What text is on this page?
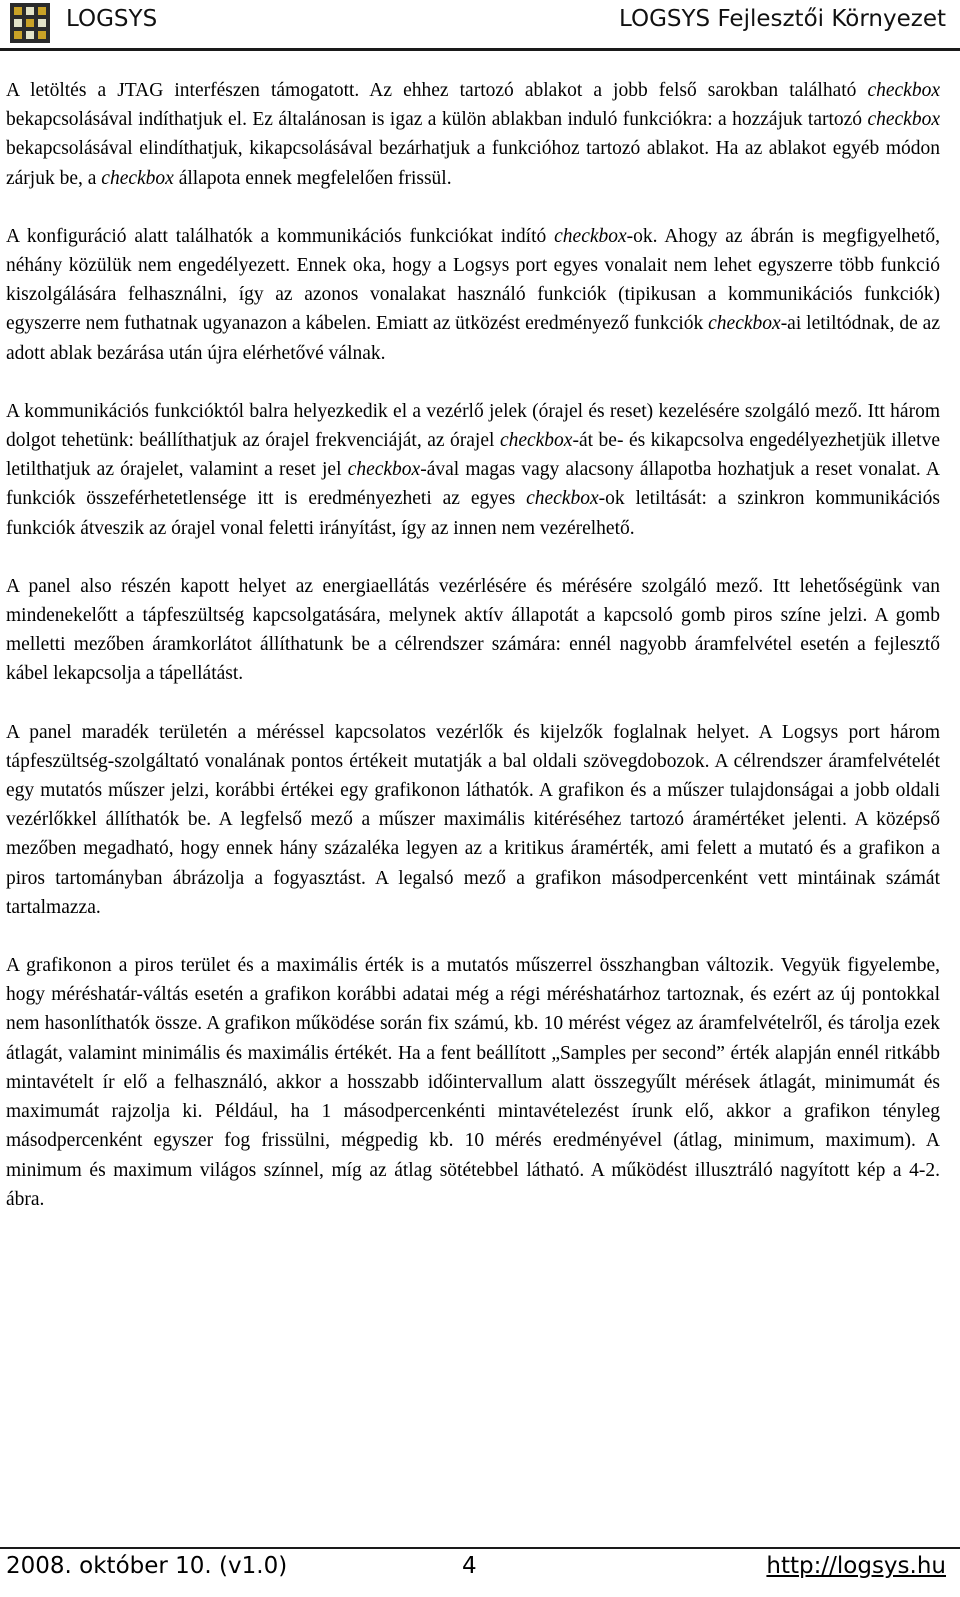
LOGSYS	LOGSYS Fejlesztői Környezet

A letöltés a JTAG interfészen támogatott. Az ehhez tartozó ablakot a jobb felső sarokban található checkbox bekapcsolásával indíthatjuk el. Ez általánosan is igaz a külön ablakban induló funkciókra: a hozzájuk tartozó checkbox bekapcsolásával elindíthatjuk, kikapcsolásával bezárhatjuk a funkcióhoz tartozó ablakot. Ha az ablakot egyéb módon zárjuk be, a checkbox állapota ennek megfelelően frissül.

A konfiguráció alatt találhatók a kommunikációs funkciókat indító checkbox-ok. Ahogy az ábrán is megfigyelhető, néhány közülük nem engedélyezett. Ennek oka, hogy a Logsys port egyes vonalait nem lehet egyszerre több funkció kiszolgálására felhasználni, így az azonos vonalakat használó funkciók (tipikusan a kommunikációs funkciók) egyszerre nem futhatnak ugyanazon a kábelen. Emiatt az ütközést eredményező funkciók checkbox-ai letiltódnak, de az adott ablak bezárása után újra elérhetővé válnak.

A kommunikációs funkcióktól balra helyezkedik el a vezérlő jelek (órajel és reset) kezelésére szolgáló mező. Itt három dolgot tehetünk: beállíthatjuk az órajel frekvenciáját, az órajel checkbox-át be- és kikapcsolva engedélyezhetjük illetve letilthatjuk az órajelet, valamint a reset jel checkbox-ával magas vagy alacsony állapotba hozhatjuk a reset vonalat. A funkciók összeférhetetlensége itt is eredményezheti az egyes checkbox-ok letiltását: a szinkron kommunikációs funkciók átveszik az órajel vonal feletti irányítást, így az innen nem vezérelhető.

A panel also részén kapott helyet az energiaellátás vezérlésére és mérésére szolgáló mező. Itt lehetőségünk van mindenekelőtt a tápfeszültség kapcsolgatására, melynek aktív állapotát a kapcsoló gomb piros színe jelzi. A gomb melletti mezőben áramkorlátot állíthatunk be a célrendszer számára: ennél nagyobb áramfelvétel esetén a fejlesztő kábel lekapcsolja a tápellátást.

A panel maradék területén a méréssel kapcsolatos vezérlők és kijelzők foglalnak helyet. A Logsys port három tápfeszültség-szolgáltató vonalának pontos értékeit mutatják a bal oldali szövegdobozok. A célrendszer áramfelvételét egy mutatós műszer jelzi, korábbi értékei egy grafikonon láthatók. A grafikon és a műszer tulajdonságai a jobb oldali vezérlőkkel állíthatók be. A legfelső mező a műszer maximális kitéréséhez tartozó áramértéket jelenti. A középső mezőben megadható, hogy ennek hány százaléka legyen az a kritikus áramérték, ami felett a mutató és a grafikon a piros tartományban ábrázolja a fogyasztást. A legalsó mező a grafikon másodpercenként vett mintáinak számát tartalmazza.

A grafikonon a piros terület és a maximális érték is a mutatós műszerrel összhangban változik. Vegyük figyelembe, hogy méréshatár-váltás esetén a grafikon korábbi adatai még a régi méréshatárhoz tartoznak, és ezért az új pontokkal nem hasonlíthatók össze. A grafikon működése során fix számú, kb. 10 mérést végez az áramfelvételről, és tárolja ezek átlagát, valamint minimális és maximális értékét. Ha a fent beállított „Samples per second” érték alapján ennél ritkább mintavételt ír elő a felhasználó, akkor a hosszabb időintervallum alatt összegyűlt mérések átlagát, minimumát és maximumát rajzolja ki. Például, ha 1 másodpercenkénti mintavételezést írunk elő, akkor a grafikon tényleg másodpercenként egyszer fog frissülni, mégpedig kb. 10 mérés eredményével (átlag, minimum, maximum). A minimum és maximum világos színnel, míg az átlag sötétebbel látható. A működést illusztráló nagyított kép a 4-2. ábra.

2008. október 10. (v1.0)	4	http://logsys.hu
